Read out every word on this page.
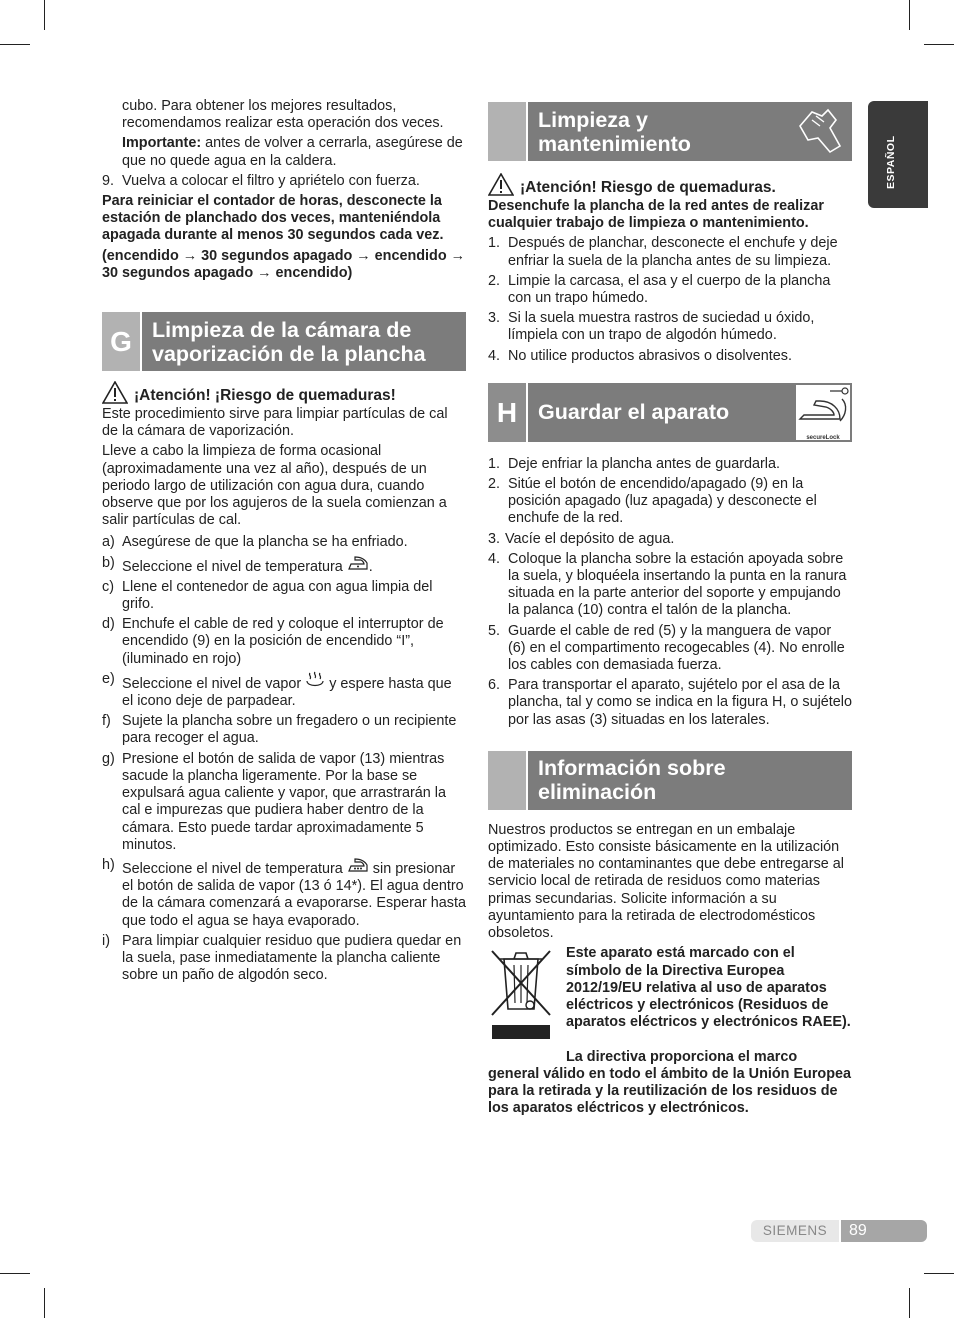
ESPAÑOL

cubo. Para obtener los mejores resultados, recomendamos realizar esta operación dos veces.

Importante: antes de volver a cerrarla, asegúrese de que no quede agua en la caldera.

9. Vuelva a colocar el filtro y apriételo con fuerza.

Para reiniciar el contador de horas, desconecte la estación de planchado dos veces, manteniéndola apagada durante al menos 30 segundos cada vez.

(encendido → 30 segundos apagado → encendido → 30 segundos apagado → encendido)

G Limpieza de la cámara de vaporización de la plancha
¡Atención! ¡Riesgo de quemaduras!

Este procedimiento sirve para limpiar partículas de cal de la cámara de vaporización.

Lleve a cabo la limpieza de forma ocasional (aproximadamente una vez al año), después de un periodo largo de utilización con agua dura, cuando observe que por los agujeros de la suela comienzan a salir partículas de cal.

a) Asegúrese de que la plancha se ha enfriado.
b) Seleccione el nivel de temperatura .
c) Llene el contenedor de agua con agua limpia del grifo.
d) Enchufe el cable de red y coloque el interruptor de encendido (9) en la posición de encendido “I”, (iluminado en rojo)
e) Seleccione el nivel de vapor  y espere hasta que el icono deje de parpadear.
f) Sujete la plancha sobre un fregadero o un recipiente para recoger el agua.
g) Presione el botón de salida de vapor (13) mientras sacude la plancha ligeramente. Por la base se expulsará agua caliente y vapor, que arrastrarán la cal e impurezas que pudiera haber dentro de la cámara. Esto puede tardar aproximadamente 5 minutos.
h) Seleccione el nivel de temperatura  sin presionar el botón de salida de vapor (13 ó 14*). El agua dentro de la cámara comenzará a evaporarse. Esperar hasta que todo el agua se haya evaporado.
i) Para limpiar cualquier residuo que pudiera quedar en la suela, pase inmediatamente la plancha caliente sobre un paño de algodón seco.
Limpieza y mantenimiento
¡Atención! Riesgo de quemaduras.

Desenchufe la plancha de la red antes de realizar cualquier trabajo de limpieza o mantenimiento.

1. Después de planchar, desconecte el enchufe y deje enfriar la suela de la plancha antes de su limpieza.
2. Limpie la carcasa, el asa y el cuerpo de la plancha con un trapo húmedo.
3. Si la suela muestra rastros de suciedad u óxido, límpiela con un trapo de algodón húmedo.
4. No utilice productos abrasivos o disolventes.
H Guardar el aparato
secureLock
1. Deje enfriar la plancha antes de guardarla.
2. Sitúe el botón de encendido/apagado (9) en la posición apagado (luz apagada) y desconecte el enchufe de la red.
3. Vacíe el depósito de agua.
4. Coloque la plancha sobre la estación apoyada sobre la suela, y bloquéela insertando la punta en la ranura situada en la parte anterior del soporte y empujando la palanca (10) contra el talón de la plancha.
5. Guarde el cable de red (5) y la manguera de vapor (6) en el compartimento recogecables (4). No enrolle los cables con demasiada fuerza.
6. Para transportar el aparato, sujételo por el asa de la plancha, tal y como se indica en la figura H, o sujételo por las asas (3) situadas en los laterales.
Información sobre eliminación

Nuestros productos se entregan en un embalaje optimizado. Esto consiste básicamente en la utilización de materiales no contaminantes que debe entregarse al servicio local de retirada de residuos como materias primas secundarias. Solicite información a su ayuntamiento para la retirada de electrodomésticos obsoletos.

Este aparato está marcado con el símbolo de la Directiva Europea 2012/19/EU relativa al uso de aparatos eléctricos y electrónicos (Residuos de aparatos eléctricos y electrónicos RAEE).

La directiva proporciona el marco general válido en todo el ámbito de la Unión Europea para la retirada y la reutilización de los residuos de los aparatos eléctricos y electrónicos.

SIEMENS	89
